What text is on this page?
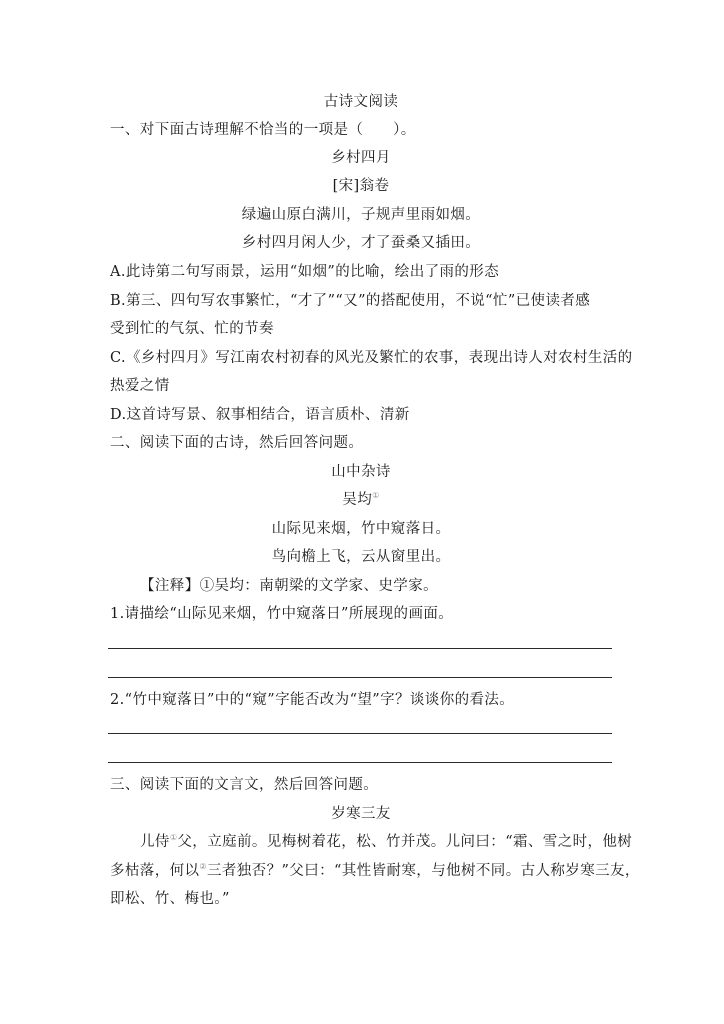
古诗文阅读
一、对下面古诗理解不恰当的一项是（　　）。
乡村四月
[宋]翁卷
绿遍山原白满川，子规声里雨如烟。
乡村四月闲人少，才了蚕桑又插田。
A.此诗第二句写雨景，运用“如烟”的比喻，绘出了雨的形态
B.第三、四句写农事繁忙，“才了”“又”的搭配使用，不说“忙”已使读者感
受到忙的气氛、忙的节奏
C.《乡村四月》写江南农村初春的风光及繁忙的农事，表现出诗人对农村生活的
热爱之情
D.这首诗写景、叙事相结合，语言质朴、清新
二、阅读下面的古诗，然后回答问题。
山中杂诗
吴均①
山际见来烟，竹中窥落日。
鸟向檐上飞，云从窗里出。
【注释】①吴均：南朝梁的文学家、史学家。
1.请描绘“山际见来烟，竹中窥落日”所展现的画面。
2.“竹中窥落日”中的“窥”字能否改为“望”字？谈谈你的看法。
三、阅读下面的文言文，然后回答问题。
岁寒三友
儿侍①父，立庭前。见梅树着花，松、竹并茂。儿问曰：“霜、雪之时，他树
多枯落，何以②三者独否？”父曰：“其性皆耐寒，与他树不同。古人称岁寒三友，
即松、竹、梅也。”
